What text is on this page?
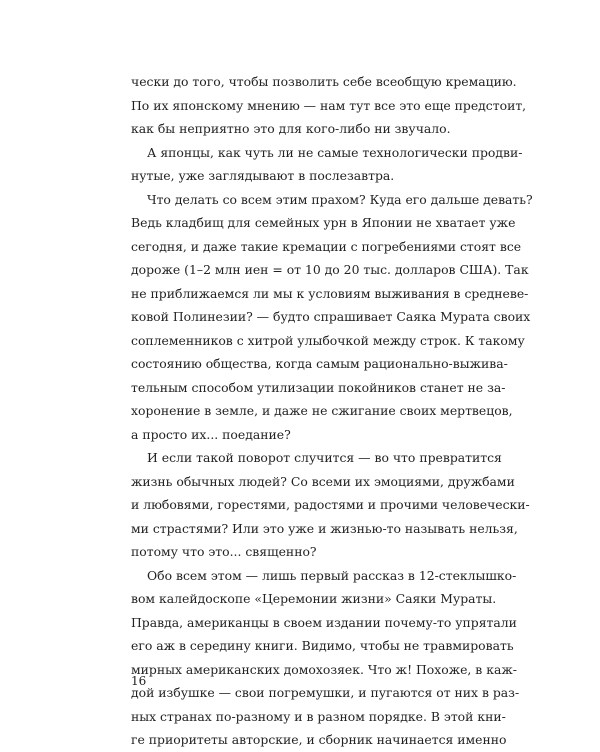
чески до того, чтобы позволить себе всеобщую кремацию.
По их японскому мнению — нам тут все это еще предстоит,
как бы неприятно это для кого-либо ни звучало.
А японцы, как чуть ли не самые технологически продви-
нутые, уже заглядывают в послезавтра.
Что делать со всем этим прахом? Куда его дальше девать?
Ведь кладбищ для семейных урн в Японии не хватает уже
сегодня, и даже такие кремации с погребениями стоят все
дороже (1–2 млн иен = от 10 до 20 тыс. долларов США). Так
не приближаемся ли мы к условиям выживания в средневе-
ковой Полинезии? — будто спрашивает Саяка Мурата своих
соплеменников с хитрой улыбочкой между строк. К такому
состоянию общества, когда самым рационально-выжива-
тельным способом утилизации покойников станет не за-
хоронение в земле, и даже не сжигание своих мертвецов,
а просто их... поедание?
И если такой поворот случится — во что превратится
жизнь обычных людей? Со всеми их эмоциями, дружбами
и любовями, горестями, радостями и прочими человечески-
ми страстями? Или это уже и жизнью-то называть нельзя,
потому что это... священно?
Обо всем этом — лишь первый рассказ в 12-стеклышко-
вом калейдоскопе «Церемонии жизни» Саяки Мураты.
Правда, американцы в своем издании почему-то упрятали
его аж в середину книги. Видимо, чтобы не травмировать
мирных американских домохозяек. Что ж! Похоже, в каж-
дой избушке — свои погремушки, и пугаются от них в раз-
ных странах по-разному и в разном порядке. В этой кни-
ге приоритеты авторские, и сборник начинается именно
16
